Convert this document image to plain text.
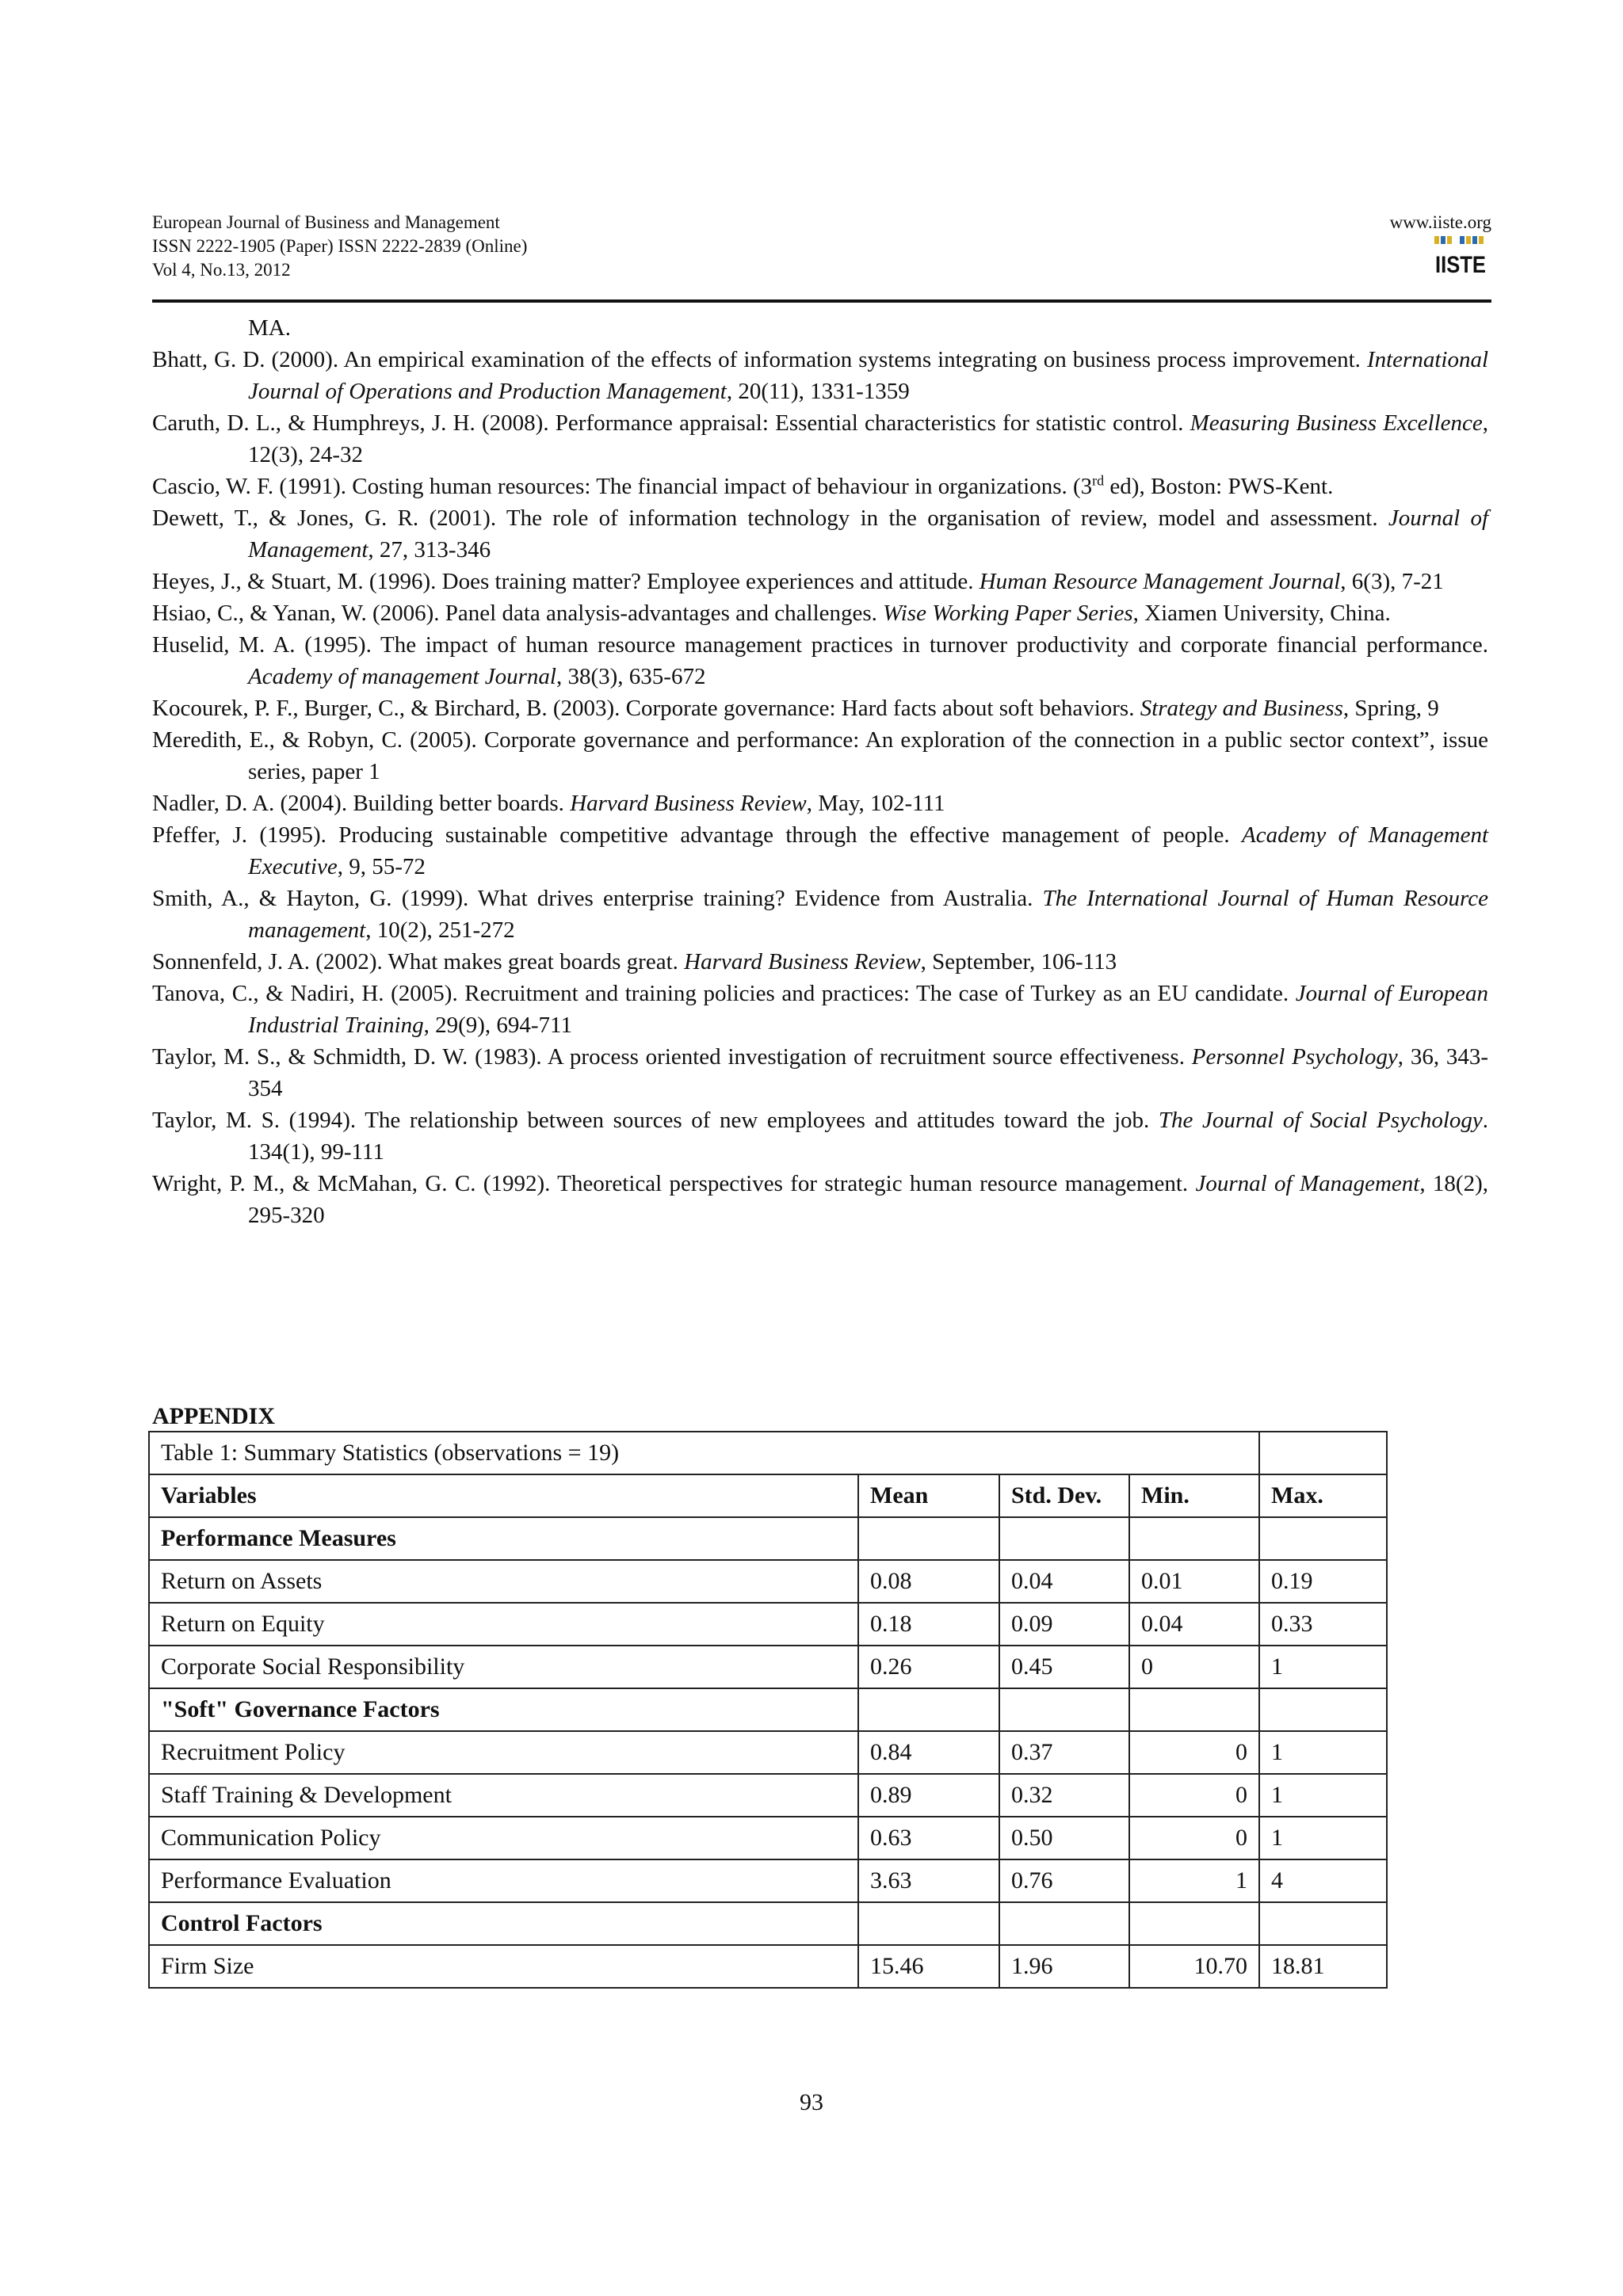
European Journal of Business and Management
ISSN 2222-1905 (Paper) ISSN 2222-2839 (Online)
Vol 4, No.13, 2012
www.iiste.org
IISTE

MA.

Bhatt, G. D. (2000). An empirical examination of the effects of information systems integrating on business process improvement. International Journal of Operations and Production Management, 20(11), 1331-1359

Caruth, D. L., & Humphreys, J. H. (2008). Performance appraisal: Essential characteristics for statistic control. Measuring Business Excellence, 12(3), 24-32

Cascio, W. F. (1991). Costing human resources: The financial impact of behaviour in organizations. (3rd ed), Boston: PWS-Kent.

Dewett, T., & Jones, G. R. (2001). The role of information technology in the organisation of review, model and assessment. Journal of Management, 27, 313-346

Heyes, J., & Stuart, M. (1996). Does training matter? Employee experiences and attitude. Human Resource Management Journal, 6(3), 7-21

Hsiao, C., & Yanan, W. (2006). Panel data analysis-advantages and challenges. Wise Working Paper Series, Xiamen University, China.

Huselid, M. A. (1995). The impact of human resource management practices in turnover productivity and corporate financial performance. Academy of management Journal, 38(3), 635-672

Kocourek, P. F., Burger, C., & Birchard, B. (2003). Corporate governance: Hard facts about soft behaviors. Strategy and Business, Spring, 9

Meredith, E., & Robyn, C. (2005). Corporate governance and performance: An exploration of the connection in a public sector context”, issue series, paper 1

Nadler, D. A. (2004). Building better boards. Harvard Business Review, May, 102-111

Pfeffer, J. (1995). Producing sustainable competitive advantage through the effective management of people. Academy of Management Executive, 9, 55-72

Smith, A., & Hayton, G. (1999). What drives enterprise training? Evidence from Australia. The International Journal of Human Resource management, 10(2), 251-272

Sonnenfeld, J. A. (2002). What makes great boards great. Harvard Business Review, September, 106-113

Tanova, C., & Nadiri, H. (2005). Recruitment and training policies and practices: The case of Turkey as an EU candidate. Journal of European Industrial Training, 29(9), 694-711

Taylor, M. S., & Schmidth, D. W. (1983). A process oriented investigation of recruitment source effectiveness. Personnel Psychology, 36, 343-354

Taylor, M. S. (1994). The relationship between sources of new employees and attitudes toward the job. The Journal of Social Psychology. 134(1), 99-111

Wright, P. M., & McMahan, G. C. (1992). Theoretical perspectives for strategic human resource management. Journal of Management, 18(2), 295-320

APPENDIX
Table 1: Summary Statistics (observations = 19)				
Variables	Mean	Std. Dev.	Min.	Max.
Performance Measures				
Return on Assets	0.08	0.04	0.01	0.19
Return on Equity	0.18	0.09	0.04	0.33
Corporate Social Responsibility	0.26	0.45	0	1
"Soft" Governance Factors				
Recruitment Policy	0.84	0.37	0	1
Staff Training & Development	0.89	0.32	0	1
Communication Policy	0.63	0.50	0	1
Performance Evaluation	3.63	0.76	1	4
Control Factors				
Firm Size	15.46	1.96	10.70	18.81
93
